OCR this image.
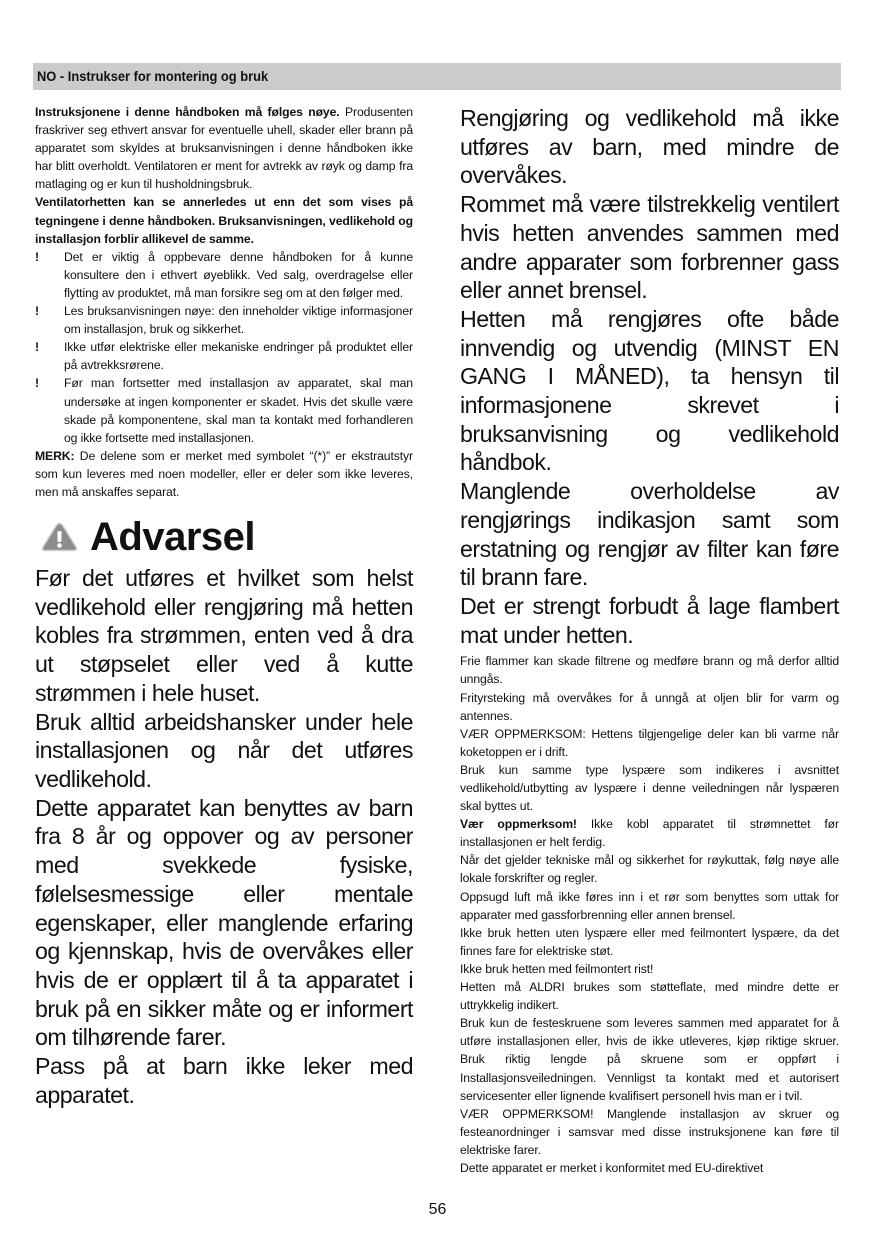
NO - Instrukser for montering og bruk

Instruksjonene i denne håndboken må følges nøye. Produsenten fraskriver seg ethvert ansvar for eventuelle uhell, skader eller brann på apparatet som skyldes at bruksanvisningen i denne håndboken ikke har blitt overholdt. Ventilatoren er ment for avtrekk av røyk og damp fra matlaging og er kun til husholdningsbruk.

Ventilatorhetten kan se annerledes ut enn det som vises på tegningene i denne håndboken. Bruksanvisningen, vedlikehold og installasjon forblir allikevel de samme.

! Det er viktig å oppbevare denne håndboken for å kunne konsultere den i ethvert øyeblikk. Ved salg, overdragelse eller flytting av produktet, må man forsikre seg om at den følger med.
! Les bruksanvisningen nøye: den inneholder viktige informasjoner om installasjon, bruk og sikkerhet.
! Ikke utfør elektriske eller mekaniske endringer på produktet eller på avtrekksrørene.
! Før man fortsetter med installasjon av apparatet, skal man undersøke at ingen komponenter er skadet. Hvis det skulle være skade på komponentene, skal man ta kontakt med forhandleren og ikke fortsette med installasjonen.

MERK: De delene som er merket med symbolet “(*)” er ekstrautstyr som kun leveres med noen modeller, eller er deler som ikke leveres, men må anskaffes separat.

Advarsel

Før det utføres et hvilket som helst vedlikehold eller rengjøring må hetten kobles fra strømmen, enten ved å dra ut støpselet eller ved å kutte strømmen i hele huset.

Bruk alltid arbeidshansker under hele installasjonen og når det utføres vedlikehold.

Dette apparatet kan benyttes av barn fra 8 år og oppover og av personer med svekkede fysiske, følelsesmessige eller mentale egenskaper, eller manglende erfaring og kjennskap, hvis de overvåkes eller hvis de er opplært til å ta apparatet i bruk på en sikker måte og er informert om tilhørende farer.

Pass på at barn ikke leker med apparatet.

Rengjøring og vedlikehold må ikke utføres av barn, med mindre de overvåkes.

Rommet må være tilstrekkelig ventilert hvis hetten anvendes sammen med andre apparater som forbrenner gass eller annet brensel.

Hetten må rengjøres ofte både innvendig og utvendig (MINST EN GANG I MÅNED), ta hensyn til informasjonene skrevet i bruksanvisning og vedlikehold håndbok.

Manglende overholdelse av rengjørings indikasjon samt som erstatning og rengjør av filter kan føre til brann fare.

Det er strengt forbudt å lage flambert mat under hetten.

Frie flammer kan skade filtrene og medføre brann og må derfor alltid unngås.

Frityrsteking må overvåkes for å unngå at oljen blir for varm og antennes.

VÆR OPPMERKSOM: Hettens tilgjengelige deler kan bli varme når koketoppen er i drift.

Bruk kun samme type lyspære som indikeres i avsnittet vedlikehold/utbytting av lyspære i denne veiledningen når lyspæren skal byttes ut.

Vær oppmerksom! Ikke kobl apparatet til strømnettet før installasjonen er helt ferdig.

Når det gjelder tekniske mål og sikkerhet for røykuttak, følg nøye alle lokale forskrifter og regler.

Oppsugd luft må ikke føres inn i et rør som benyttes som uttak for apparater med gassforbrenning eller annen brensel.

Ikke bruk hetten uten lyspære eller med feilmontert lyspære, da det finnes fare for elektriske støt.

Ikke bruk hetten med feilmontert rist!

Hetten må ALDRI brukes som støtteflate, med mindre dette er uttrykkelig indikert.

Bruk kun de festeskruene som leveres sammen med apparatet for å utføre installasjonen eller, hvis de ikke utleveres, kjøp riktige skruer. Bruk riktig lengde på skruene som er oppført i Installasjonsveiledningen. Vennligst ta kontakt med et autorisert servicesenter eller lignende kvalifisert personell hvis man er i tvil.

VÆR OPPMERKSOM! Manglende installasjon av skruer og festeanordninger i samsvar med disse instruksjonene kan føre til elektriske farer.

Dette apparatet er merket i konformitet med EU-direktivet

56
